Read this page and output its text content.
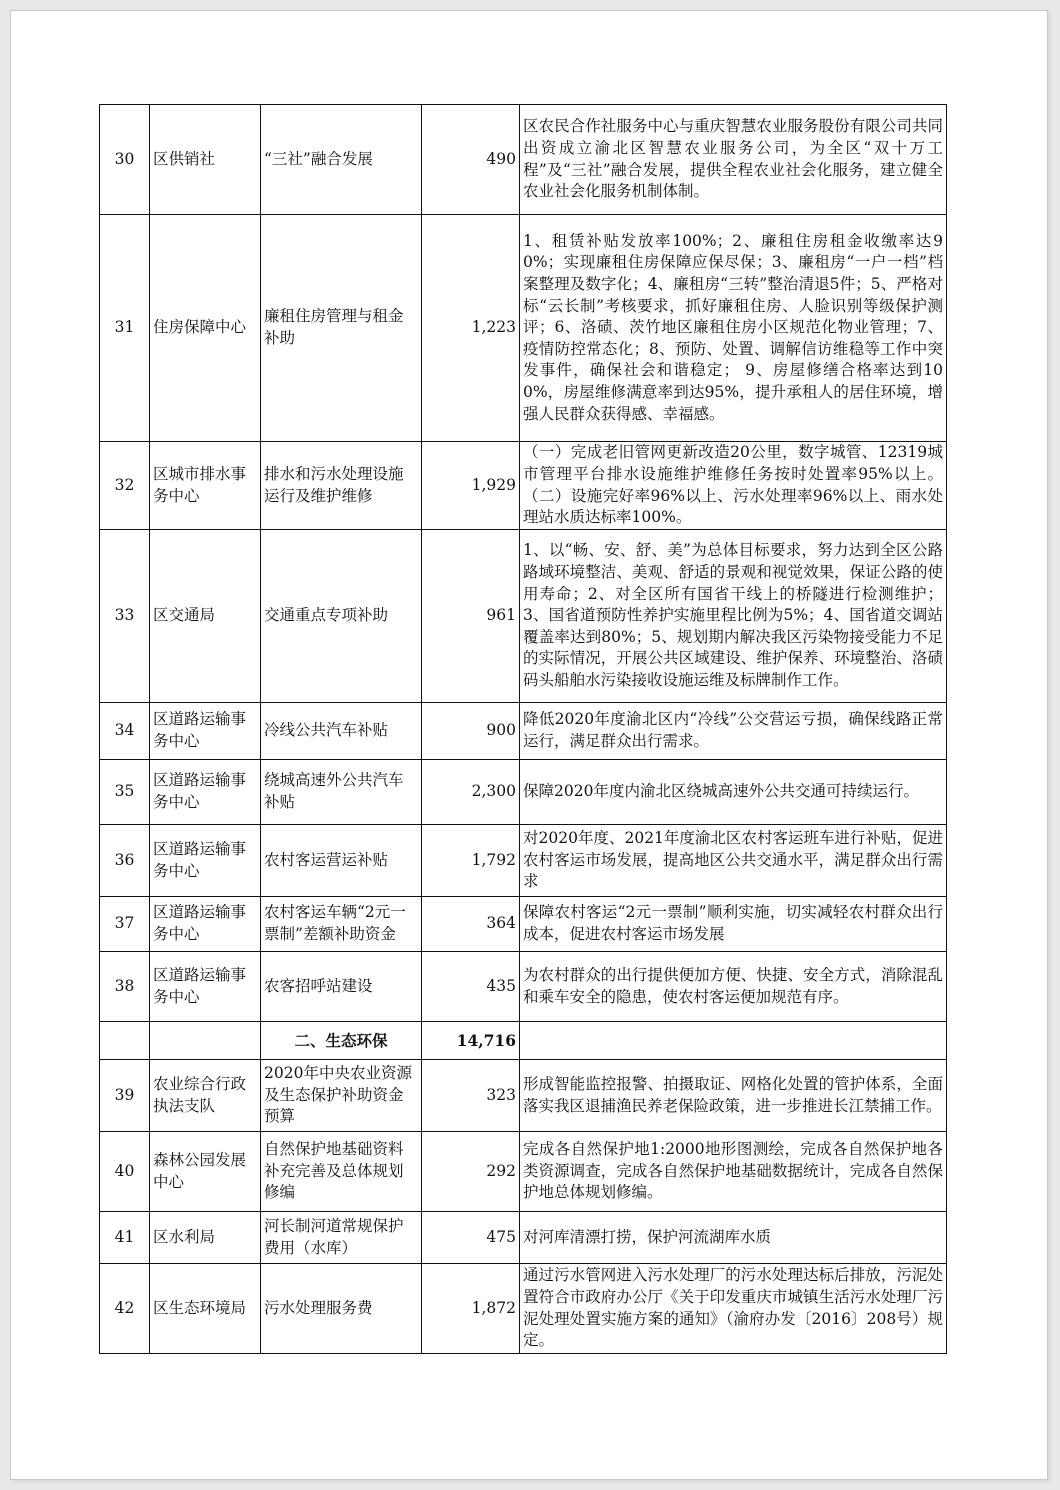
30	区供销社	“三社”融合发展	490	区农民合作社服务中心与重庆智慧农业服务股份有限公司共同出资成立渝北区智慧农业服务公司，为全区“双十万工程”及“三社”融合发展，提供全程农业社会化服务，建立健全农业社会化服务机制体制。
31	住房保障中心	廉租住房管理与租金补助	1,223	1、租赁补贴发放率100%；2、廉租住房租金收缴率达90%；实现廉租住房保障应保尽保；3、廉租房“一户一档”档案整理及数字化；4、廉租房“三转”整治清退5件；5、严格对标“云长制”考核要求，抓好廉租住房、人脸识别等级保护测评；6、洛碛、茨竹地区廉租住房小区规范化物业管理；7、疫情防控常态化；8、预防、处置、调解信访维稳等工作中突发事件，确保社会和谐稳定； 9、房屋修缮合格率达到100%，房屋维修满意率到达95%，提升承租人的居住环境，增强人民群众获得感、幸福感。
32	区城市排水事务中心	排水和污水处理设施运行及维护维修	1,929	（一）完成老旧管网更新改造20公里，数字城管、12319城市管理平台排水设施维护维修任务按时处置率95%以上。（二）设施完好率96%以上、污水处理率96%以上、雨水处理站水质达标率100%。
33	区交通局	交通重点专项补助	961	1、以“畅、安、舒、美”为总体目标要求，努力达到全区公路路域环境整洁、美观、舒适的景观和视觉效果，保证公路的使用寿命；2、对全区所有国省干线上的桥隧进行检测维护；3、国省道预防性养护实施里程比例为5%；4、国省道交调站覆盖率达到80%；5、规划期内解决我区污染物接受能力不足的实际情况，开展公共区域建设、维护保养、环境整治、洛碛码头船舶水污染接收设施运维及标牌制作工作。
34	区道路运输事务中心	冷线公共汽车补贴	900	降低2020年度渝北区内“冷线”公交营运亏损，确保线路正常运行，满足群众出行需求。
35	区道路运输事务中心	绕城高速外公共汽车补贴	2,300	保障2020年度内渝北区绕城高速外公共交通可持续运行。
36	区道路运输事务中心	农村客运营运补贴	1,792	对2020年度、2021年度渝北区农村客运班车进行补贴，促进农村客运市场发展，提高地区公共交通水平，满足群众出行需求
37	区道路运输事务中心	农村客运车辆“2元一票制”差额补助资金	364	保障农村客运“2元一票制”顺利实施，切实减轻农村群众出行成本，促进农村客运市场发展
38	区道路运输事务中心	农客招呼站建设	435	为农村群众的出行提供便加方便、快捷、安全方式，消除混乱和乘车安全的隐患，使农村客运便加规范有序。
		二、生态环保	14,716	
39	农业综合行政执法支队	2020年中央农业资源及生态保护补助资金预算	323	形成智能监控报警、拍摄取证、网格化处置的管护体系，全面落实我区退捕渔民养老保险政策，进一步推进长江禁捕工作。
40	森林公园发展中心	自然保护地基础资料补充完善及总体规划修编	292	完成各自然保护地1:2000地形图测绘，完成各自然保护地各类资源调查，完成各自然保护地基础数据统计，完成各自然保护地总体规划修编。
41	区水利局	河长制河道常规保护费用（水库）	475	对河库清漂打捞，保护河流湖库水质
42	区生态环境局	污水处理服务费	1,872	通过污水管网进入污水处理厂的污水处理达标后排放，污泥处置符合市政府办公厅《关于印发重庆市城镇生活污水处理厂污泥处理处置实施方案的通知》（渝府办发〔2016〕208号）规定。
